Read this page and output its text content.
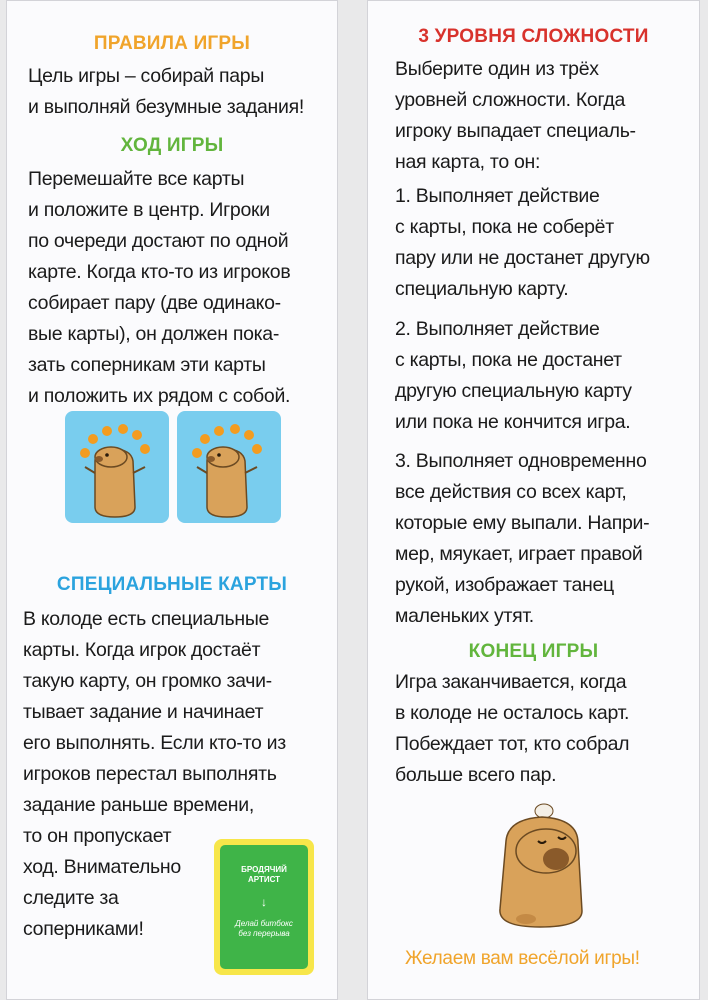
ПРАВИЛА ИГРЫ
Цель игры – собирай пары
и выполняй безумные задания!
ХОД ИГРЫ
Перемешайте все карты
и положите в центр. Игроки
по очереди достают по одной
карте. Когда кто-то из игроков
собирает пару (две одинако-
вые карты), он должен пока-
зать соперникам эти карты
и положить их рядом с собой.
СПЕЦИАЛЬНЫЕ КАРТЫ
В колоде есть специальные
карты. Когда игрок достаёт
такую карту, он громко зачи-
тывает задание и начинает
его выполнять. Если кто-то из
игроков перестал выполнять
задание раньше времени,
то он пропускает
ход. Внимательно
следите за
соперниками!
БРОДЯЧИЙ
АРТИСТ
↓
Делай битбокс
без перерыва
3 УРОВНЯ СЛОЖНОСТИ
Выберите один из трёх
уровней сложности. Когда
игроку выпадает специаль-
ная карта, то он:
1. Выполняет действие
с карты, пока не соберёт
пару или не достанет другую
специальную карту.
2. Выполняет действие
с карты, пока не достанет
другую специальную карту
или пока не кончится игра.
3. Выполняет одновременно
все действия со всех карт,
которые ему выпали. Напри-
мер, мяукает, играет правой
рукой, изображает танец
маленьких утят.
КОНЕЦ ИГРЫ
Игра заканчивается, когда
в колоде не осталось карт.
Побеждает тот, кто собрал
больше всего пар.
Желаем вам весёлой игры!
